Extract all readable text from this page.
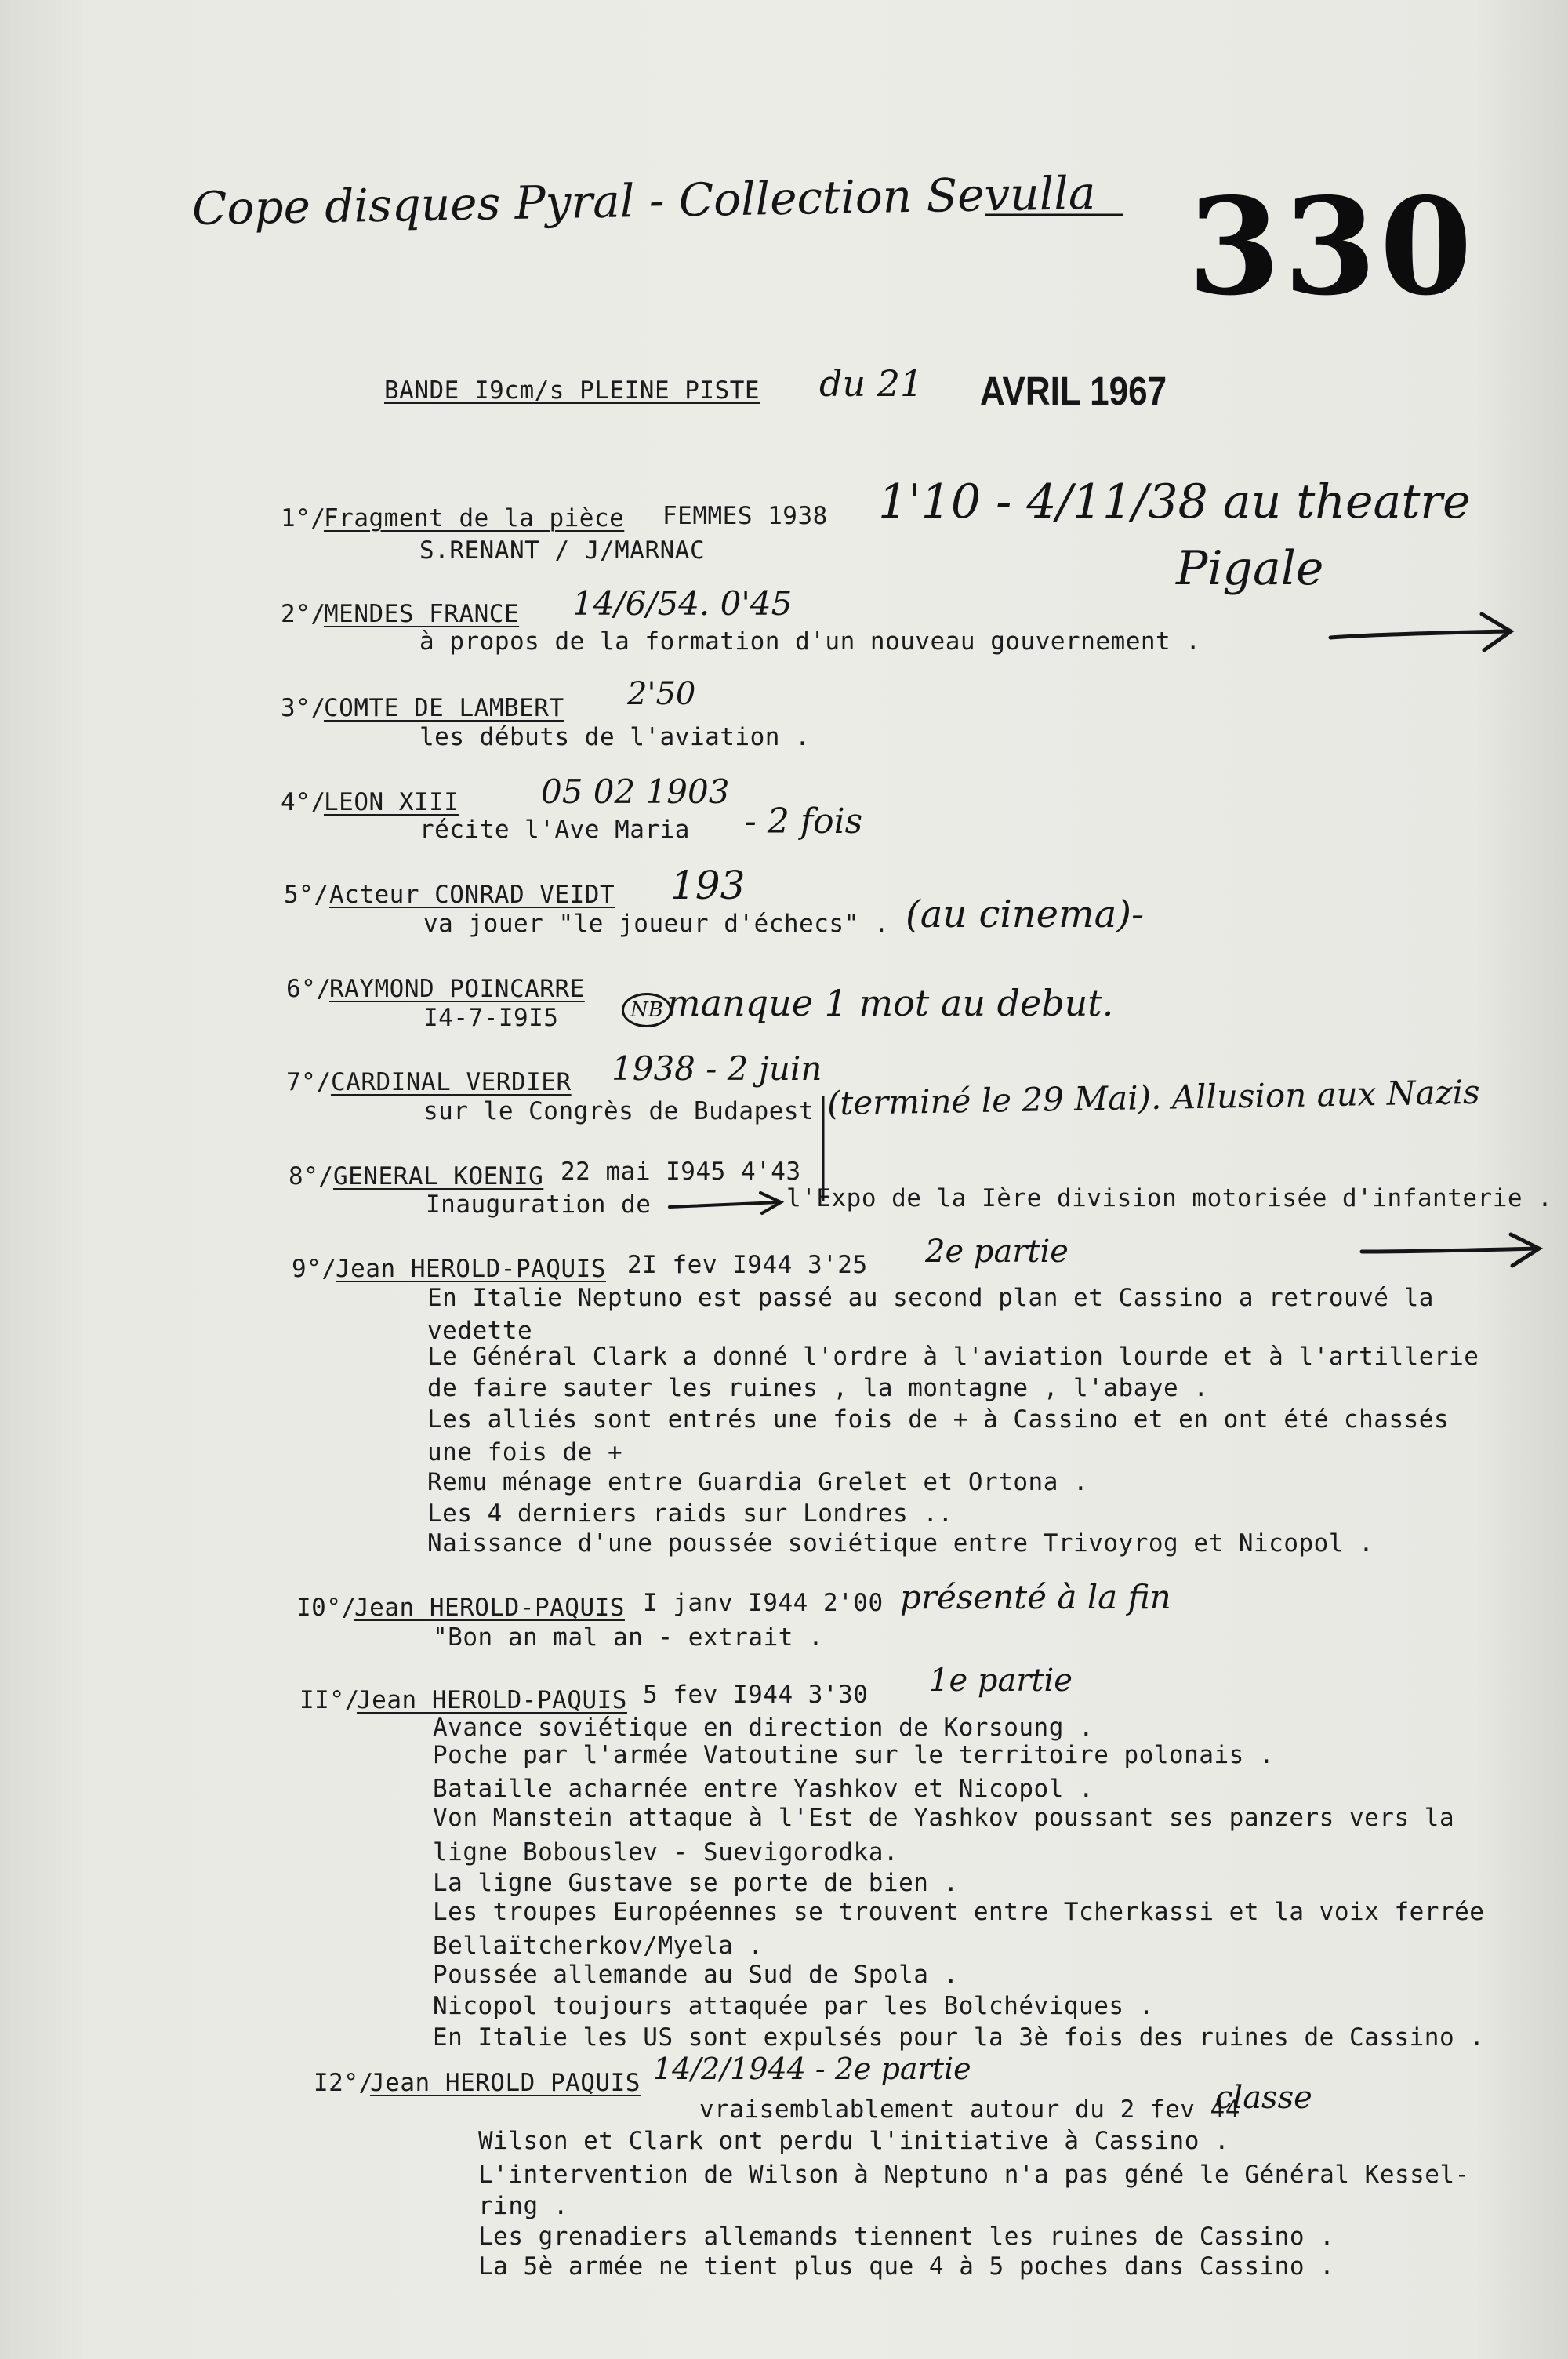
Cope disques Pyral - Collection Sevulla 330
BANDE I9cm/s PLEINE PISTE du 21 AVRIL 1967
1°/
Fragment de la pièce FEMMES 1938
S.RENANT / J/MARNAC
1'10 - 4/11/38 au theatre
Pigale
2°/
MENDES FRANCE 14/6/54. 0'45
à propos de la formation d'un nouveau gouvernement .
3°/
COMTE DE LAMBERT 2'50
les débuts de l'aviation .
4°/
LEON XIII 05 02 1903
récite l'Ave Maria - 2 fois
5°/ Acteur CONRAD VEIDT 193
va jouer "le joueur d'échecs" . (au cinema)-
6°/
RAYMOND POINCARRE
I4-7-I9I5	NB manque 1 mot au debut.
7°/ CARDINAL VERDIER 1938 - 2 juin
sur le Congrès de Budapest (terminé le 29 Mai). Allusion aux Nazis
8°/ GENERAL KOENIG 22 mai I945 4'43
Inauguration de	l'Expo de la Ière division motorisée d'infanterie .
9°/
Jean HEROLD-PAQUIS 2I fev I944 3'25 2e partie
En Italie Neptuno est passé au second plan et Cassino a retrouvé la
vedette
Le Général Clark a donné l'ordre à l'aviation lourde et à l'artillerie
de faire sauter les ruines , la montagne , l'abaye .
Les alliés sont entrés une fois de + à Cassino et en ont été chassés
une fois de +
Remu ménage entre Guardia Grelet et Ortona .
Les 4 derniers raids sur Londres ..
Naissance d'une poussée soviétique entre Trivoyrog et Nicopol .
I0°/
Jean HEROLD-PAQUIS I janv I944 2'00 présenté à la fin
"Bon an mal an - extrait .
II°/
Jean HEROLD-PAQUIS 5 fev I944 3'30 1e partie
Avance soviétique en direction de Korsoung .
Poche par l'armée Vatoutine sur le territoire polonais .
Bataille acharnée entre Yashkov et Nicopol .
Von Manstein attaque à l'Est de Yashkov poussant ses panzers vers la
ligne Bobouslev - Suevigorodka.
La ligne Gustave se porte de bien .
Les troupes Européennes se trouvent entre Tcherkassi et la voix ferrée
Bellaïtcherkov/Myela .
Poussée allemande au Sud de Spola .
Nicopol toujours attaquée par les Bolchéviques .
En Italie les US sont expulsés pour la 3è fois des ruines de Cassino .
I2°/
Jean HEROLD PAQUIS 14/2/1944 - 2e partie
vraisemblablement autour du 2 fev 44
classe
Wilson et Clark ont perdu l'initiative à Cassino .
L'intervention de Wilson à Neptuno n'a pas géné le Général Kessel-
ring .
Les grenadiers allemands tiennent les ruines de Cassino .
La 5è armée ne tient plus que 4 à 5 poches dans Cassino .
